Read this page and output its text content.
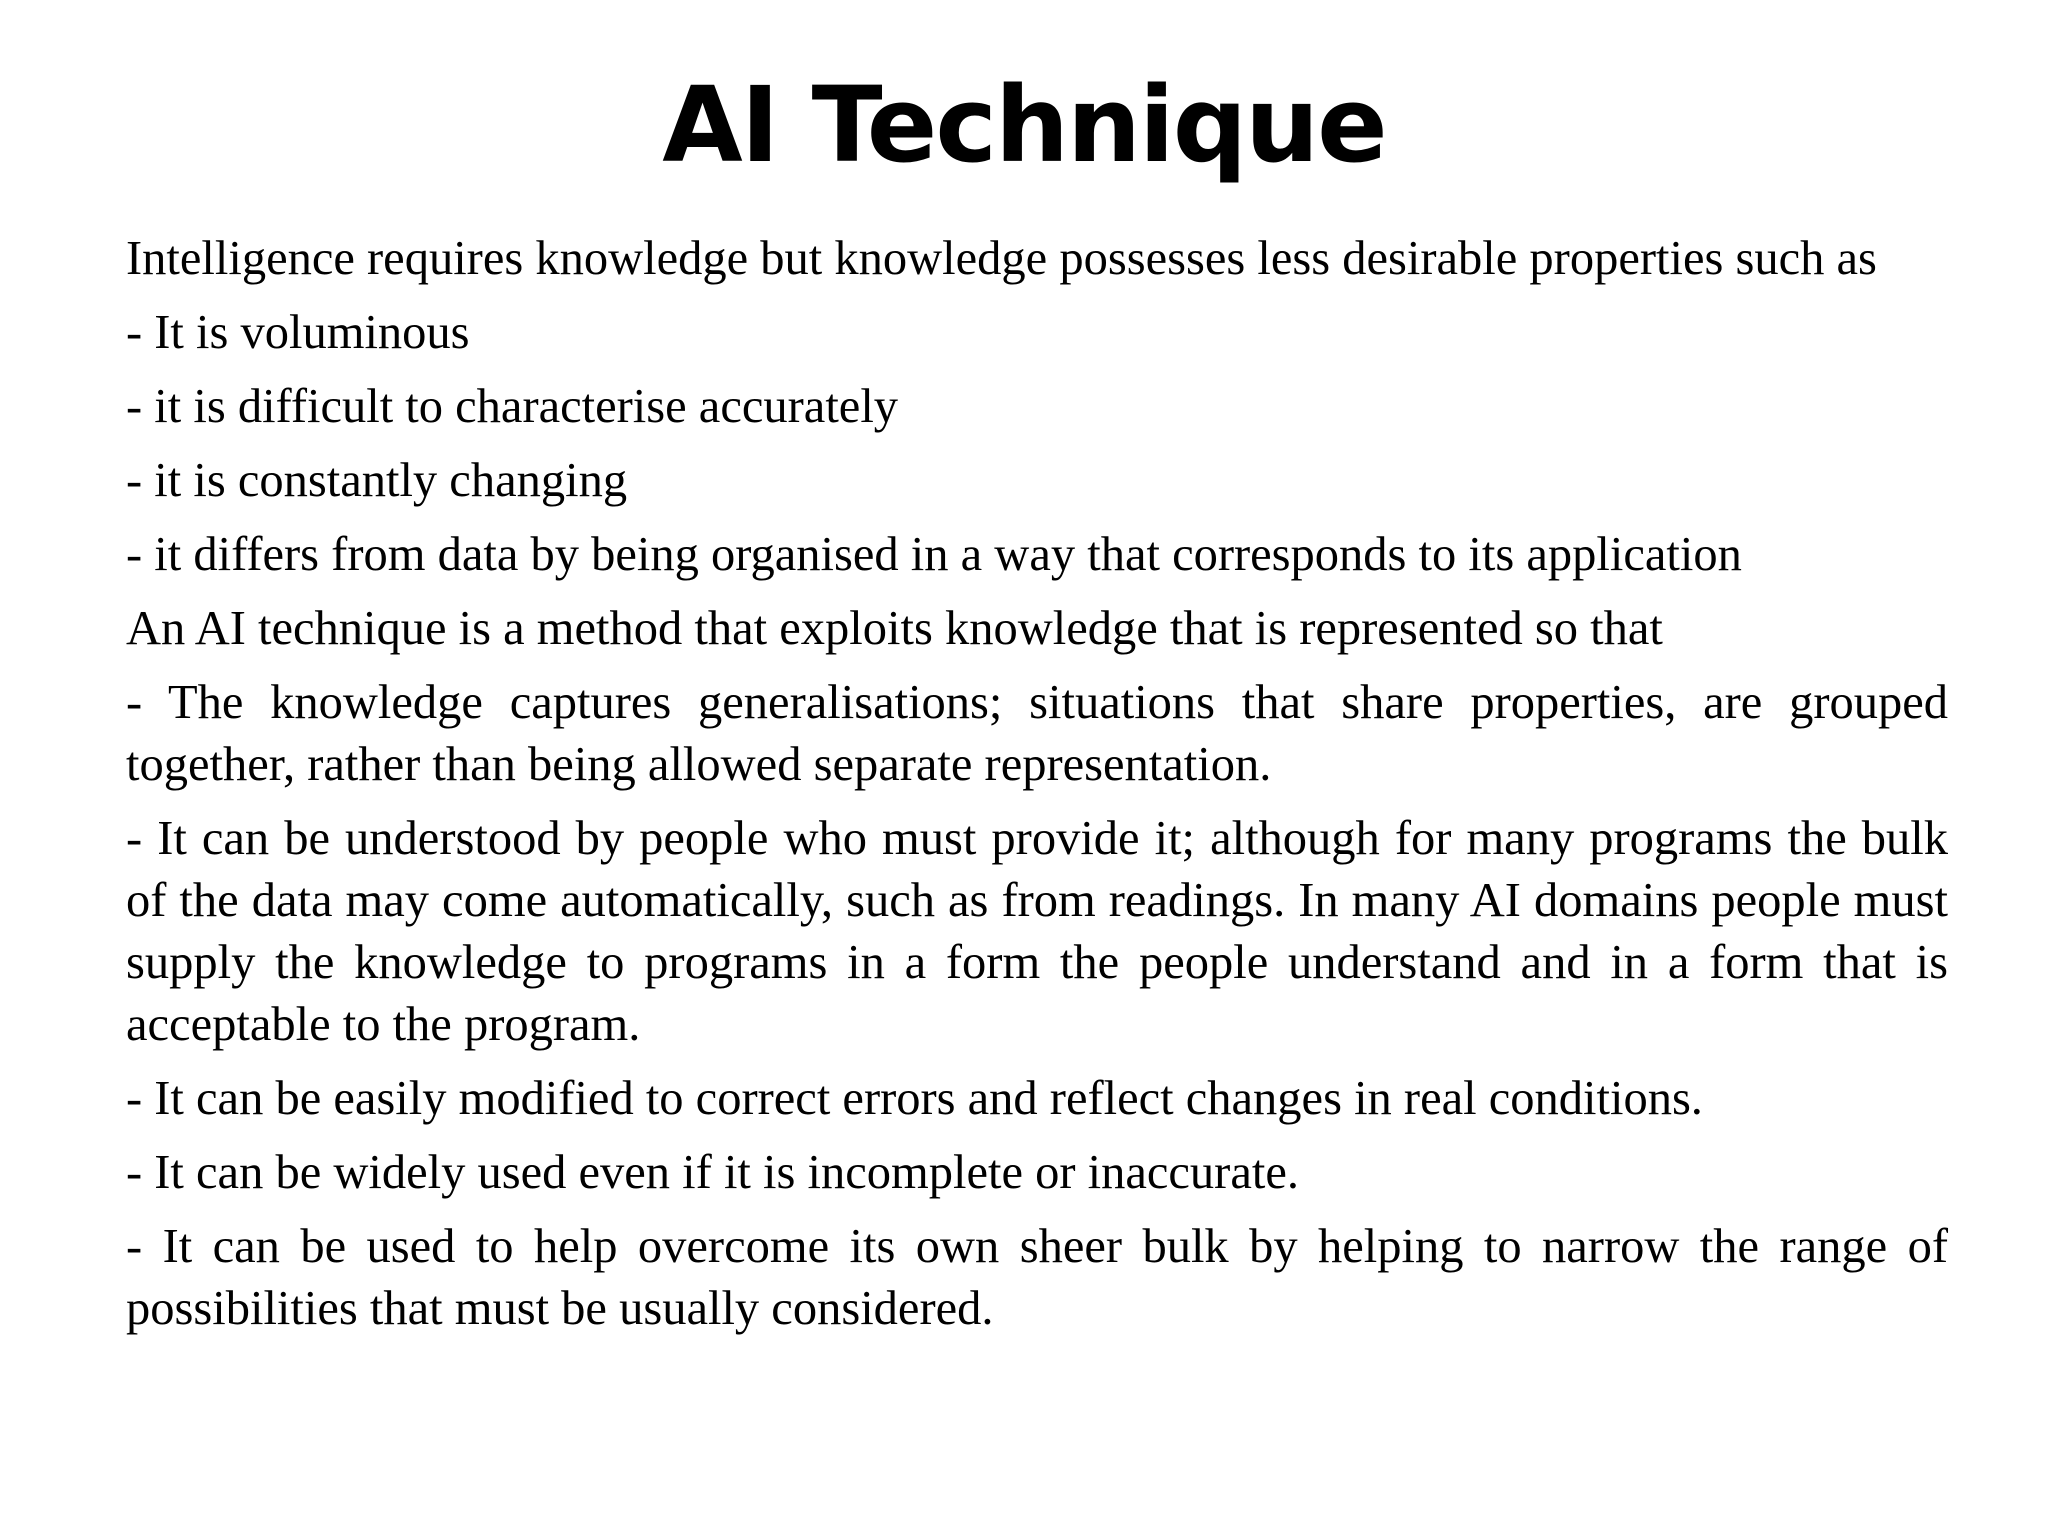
AI Technique

Intelligence requires knowledge but knowledge possesses less desirable properties such as

- It is voluminous

- it is difficult to characterise accurately

- it is constantly changing

- it differs from data by being organised in a way that corresponds to its application

An AI technique is a method that exploits knowledge that is represented so that

- The knowledge captures generalisations; situations that share properties, are grouped together, rather than being allowed separate representation.

- It can be understood by people who must provide it; although for many programs the bulk of the data may come automatically, such as from readings. In many AI domains people must supply the knowledge to programs in a form the people understand and in a form that is acceptable to the program.

- It can be easily modified to correct errors and reflect changes in real conditions.

- It can be widely used even if it is incomplete or inaccurate.

- It can be used to help overcome its own sheer bulk by helping to narrow the range of possibilities that must be usually considered.
